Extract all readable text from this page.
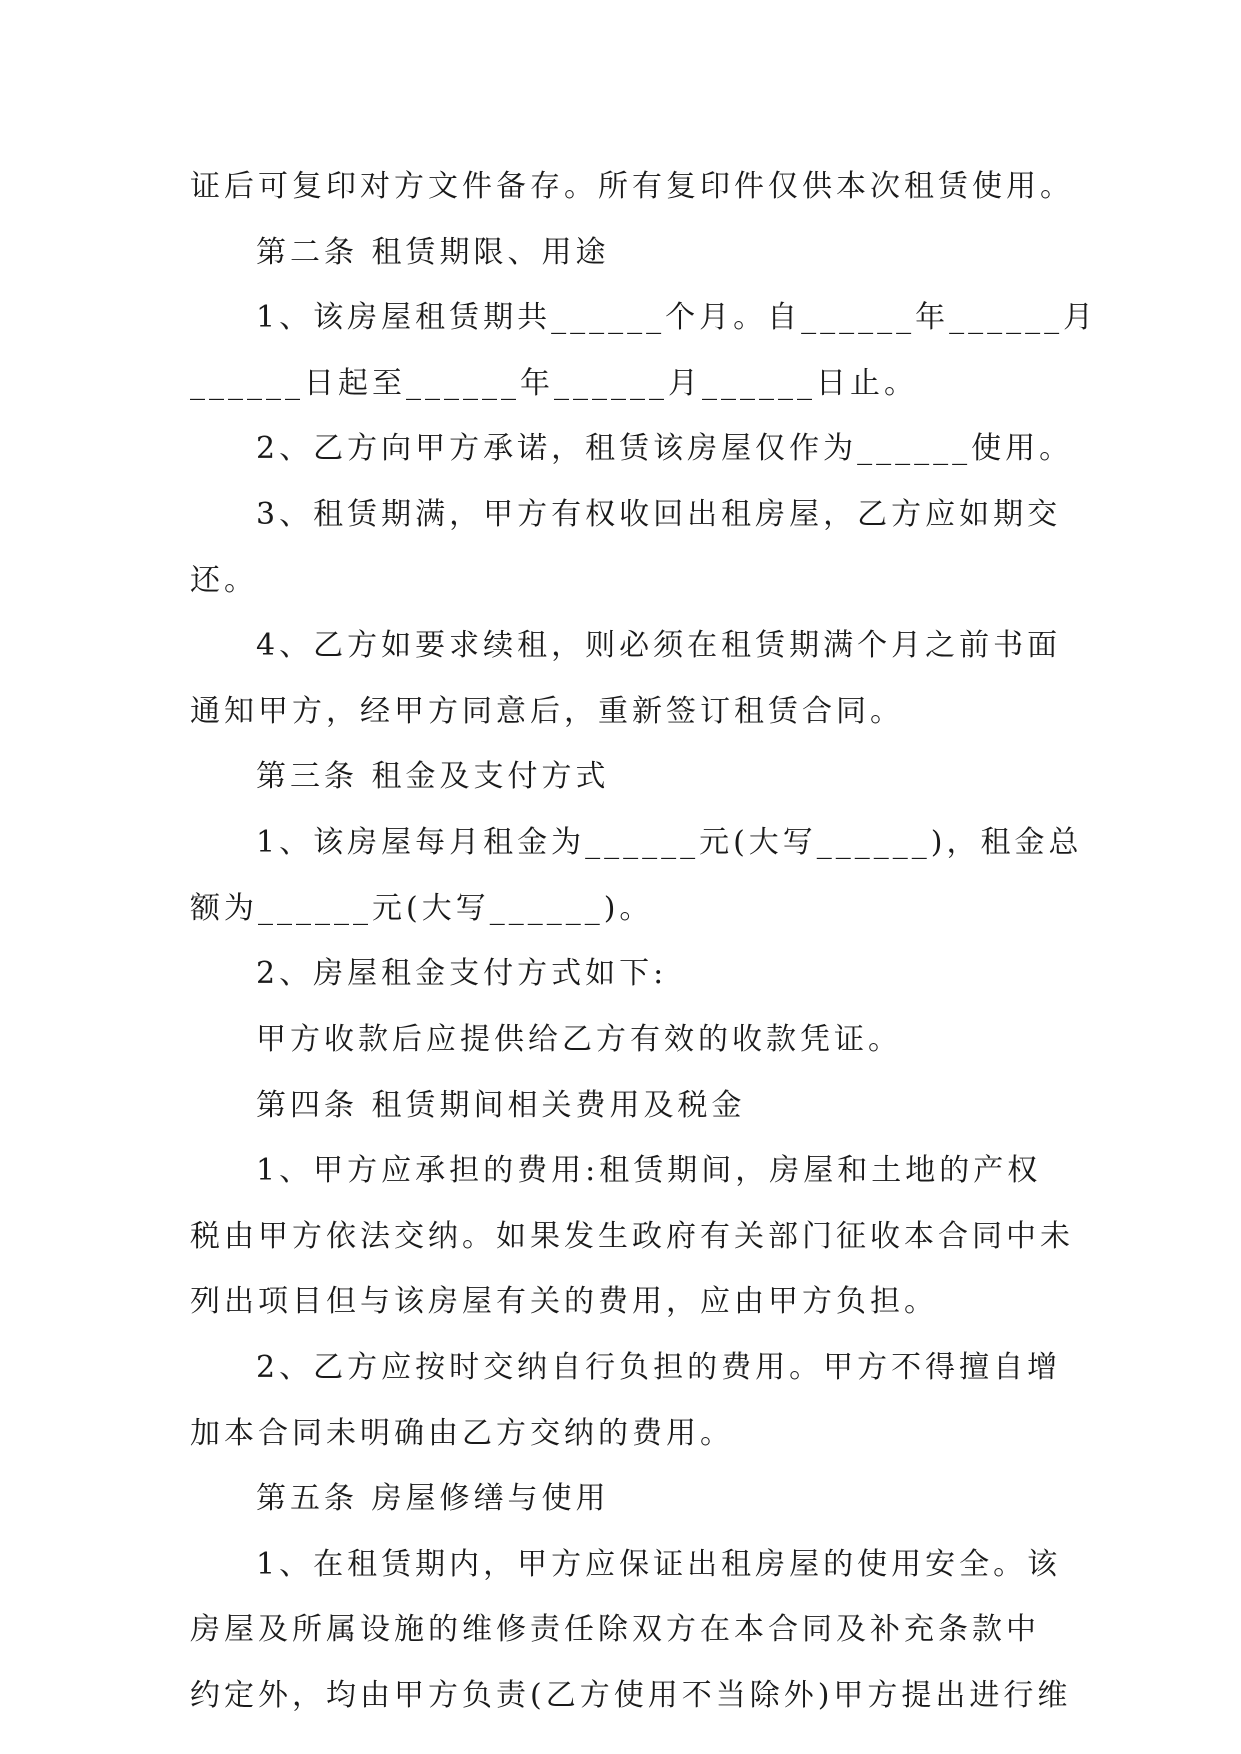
证后可复印对方文件备存。所有复印件仅供本次租赁使用。
第二条 租赁期限、用途
1、该房屋租赁期共______个月。自______年______月
______日起至______年______月______日止。
2、乙方向甲方承诺，租赁该房屋仅作为______使用。
3、租赁期满，甲方有权收回出租房屋，乙方应如期交
还。
4、乙方如要求续租，则必须在租赁期满个月之前书面
通知甲方，经甲方同意后，重新签订租赁合同。
第三条 租金及支付方式
1、该房屋每月租金为______元(大写______)，租金总
额为______元(大写______)。
2、房屋租金支付方式如下:
甲方收款后应提供给乙方有效的收款凭证。
第四条 租赁期间相关费用及税金
1、甲方应承担的费用:租赁期间，房屋和土地的产权
税由甲方依法交纳。如果发生政府有关部门征收本合同中未
列出项目但与该房屋有关的费用，应由甲方负担。
2、乙方应按时交纳自行负担的费用。甲方不得擅自增
加本合同未明确由乙方交纳的费用。
第五条 房屋修缮与使用
1、在租赁期内，甲方应保证出租房屋的使用安全。该
房屋及所属设施的维修责任除双方在本合同及补充条款中
约定外，均由甲方负责(乙方使用不当除外)甲方提出进行维
